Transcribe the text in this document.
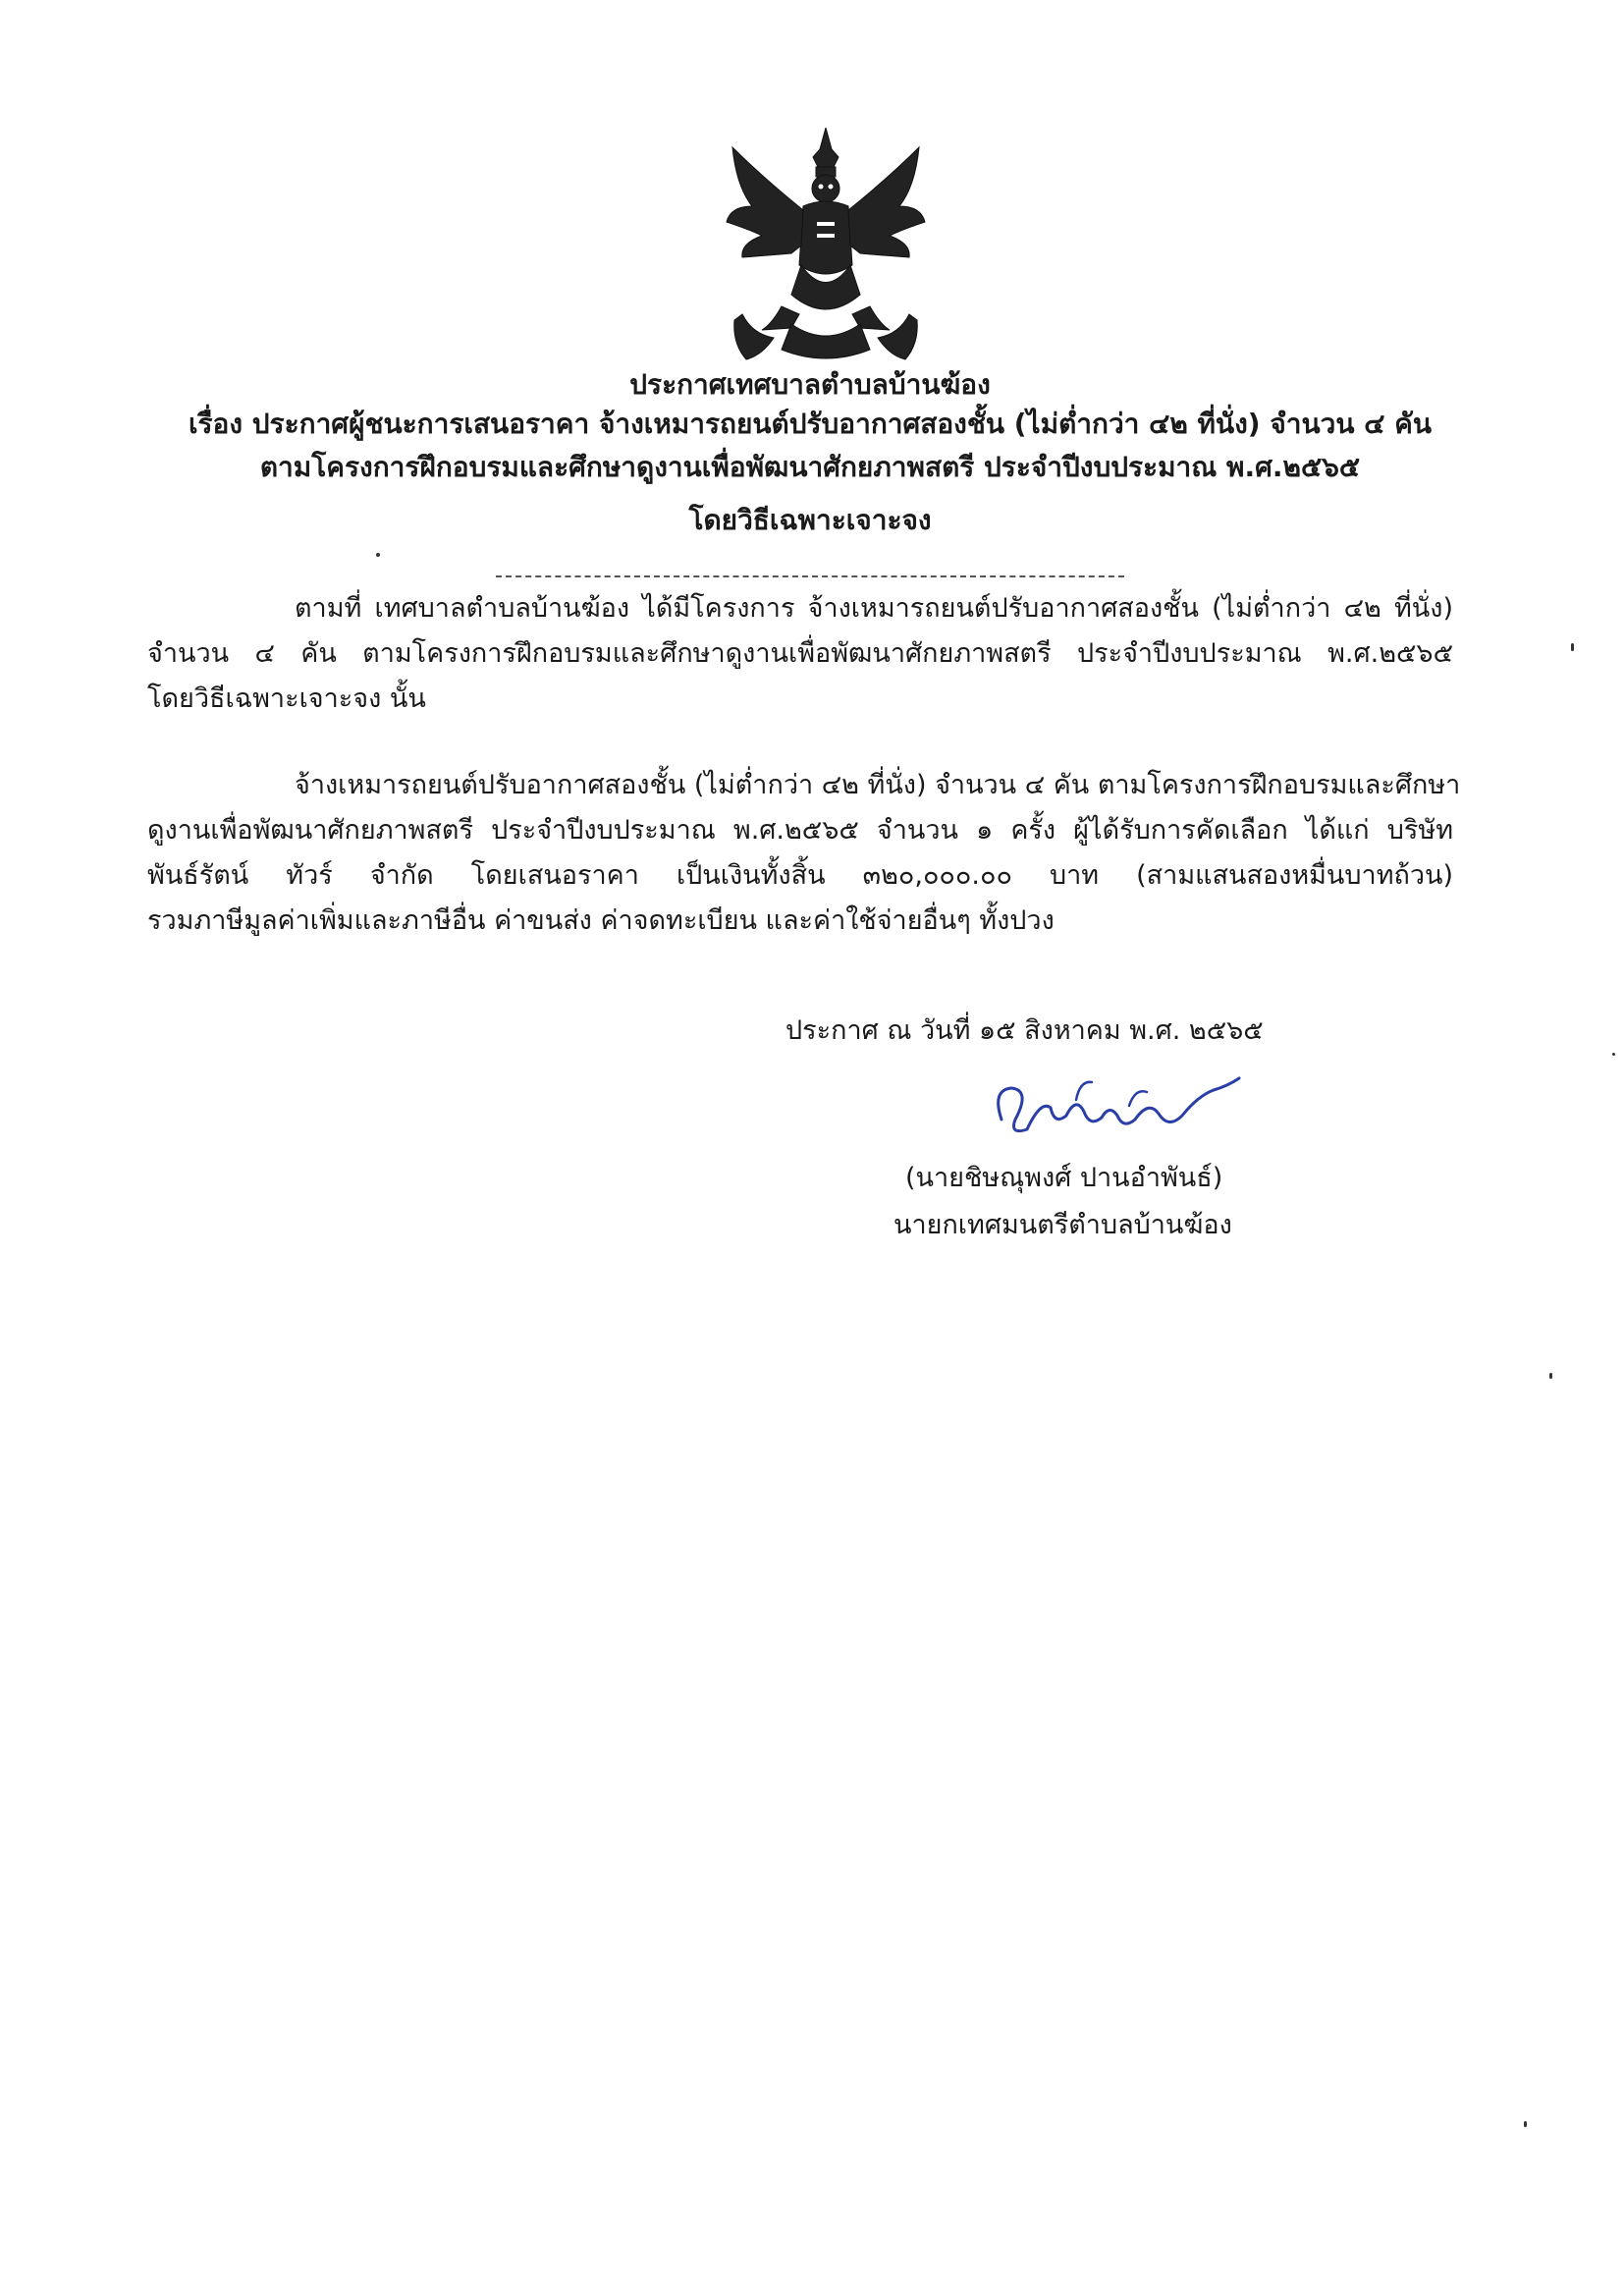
ประกาศเทศบาลตำบลบ้านฆ้อง
เรื่อง ประกาศผู้ชนะการเสนอราคา จ้างเหมารถยนต์ปรับอากาศสองชั้น (ไม่ต่ำกว่า ๔๒ ที่นั่ง) จำนวน ๔ คัน
ตามโครงการฝึกอบรมและศึกษาดูงานเพื่อพัฒนาศักยภาพสตรี ประจำปีงบประมาณ พ.ศ.๒๕๖๕
โดยวิธีเฉพาะเจาะจง
ตามที่ เทศบาลตำบลบ้านฆ้อง ได้มีโครงการ จ้างเหมารถยนต์ปรับอากาศสองชั้น (ไม่ต่ำกว่า ๔๒ ที่นั่ง)
จำนวน ๔ คัน ตามโครงการฝึกอบรมและศึกษาดูงานเพื่อพัฒนาศักยภาพสตรี ประจำปีงบประมาณ พ.ศ.๒๕๖๕
โดยวิธีเฉพาะเจาะจง นั้น
จ้างเหมารถยนต์ปรับอากาศสองชั้น (ไม่ต่ำกว่า ๔๒ ที่นั่ง) จำนวน ๔ คัน ตามโครงการฝึกอบรมและศึกษา
ดูงานเพื่อพัฒนาศักยภาพสตรี ประจำปีงบประมาณ พ.ศ.๒๕๖๕ จำนวน ๑ ครั้ง ผู้ได้รับการคัดเลือก ได้แก่ บริษัท
พันธ์รัตน์ ทัวร์ จำกัด โดยเสนอราคา เป็นเงินทั้งสิ้น ๓๒๐,๐๐๐.๐๐ บาท (สามแสนสองหมื่นบาทถ้วน)
รวมภาษีมูลค่าเพิ่มและภาษีอื่น ค่าขนส่ง ค่าจดทะเบียน และค่าใช้จ่ายอื่นๆ ทั้งปวง
ประกาศ ณ วันที่ ๑๕ สิงหาคม พ.ศ. ๒๕๖๕
(นายชิษณุพงศ์ ปานอำพันธ์)
นายกเทศมนตรีตำบลบ้านฆ้อง
